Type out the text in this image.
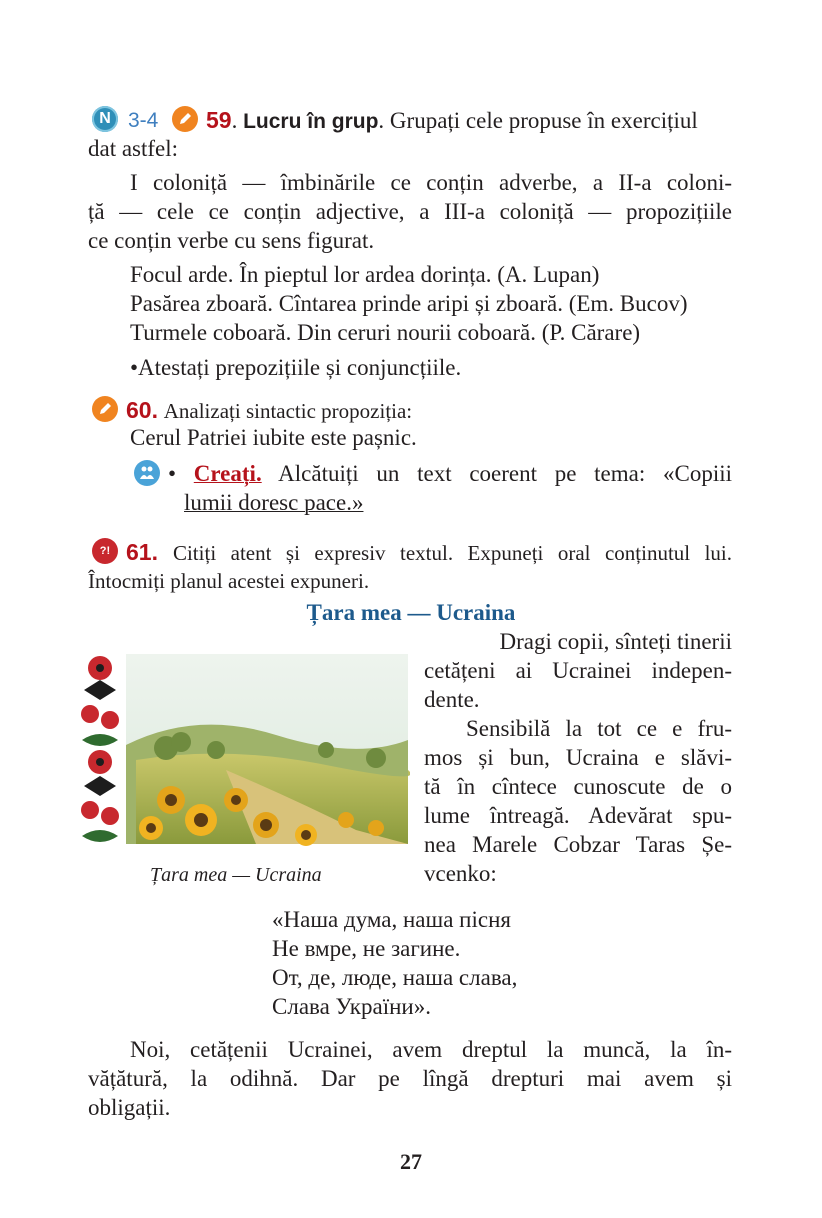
N 3-4 59. Lucru în grup. Grupați cele propuse în exercițiul
dat astfel:
I coloniță — îmbinările ce conțin adverbe, a II-a coloni-
ță — cele ce conțin adjective, a III-a coloniță — propozițiile
ce conțin verbe cu sens figurat.
Focul arde. În pieptul lor ardea dorința. (A. Lupan)
Pasărea zboară. Cîntarea prinde aripi și zboară. (Em. Bucov)
Turmele coboară. Din ceruri nourii coboară. (P. Cărare)
•Atestați prepozițiile și conjuncțiile.
60. Analizați sintactic propoziția:
Cerul Patriei iubite este pașnic.
• Creați. Alcătuiți un text coerent pe tema: «Copiii
lumii doresc pace.»
?! 61. Citiți atent și expresiv textul. Expuneți oral conținutul lui.
Întocmiți planul acestei expuneri.
Țara mea — Ucraina
Țara mea — Ucraina
Dragi copii, sînteți tinerii
cetățeni ai Ucrainei indepen-
dente.
Sensibilă la tot ce e fru-
mos și bun, Ucraina e slăvi-
tă în cîntece cunoscute de o
lume întreagă. Adevărat spu-
nea Marele Cobzar Taras Șe-
vcenko:
«Наша дума, наша пісня
Не вмре, не загине.
От, де, люде, наша слава,
Слава України».
Noi, cetățenii Ucrainei, avem dreptul la muncă, la în-
vățătură, la odihnă. Dar pe lîngă drepturi mai avem și
obligații.
27
